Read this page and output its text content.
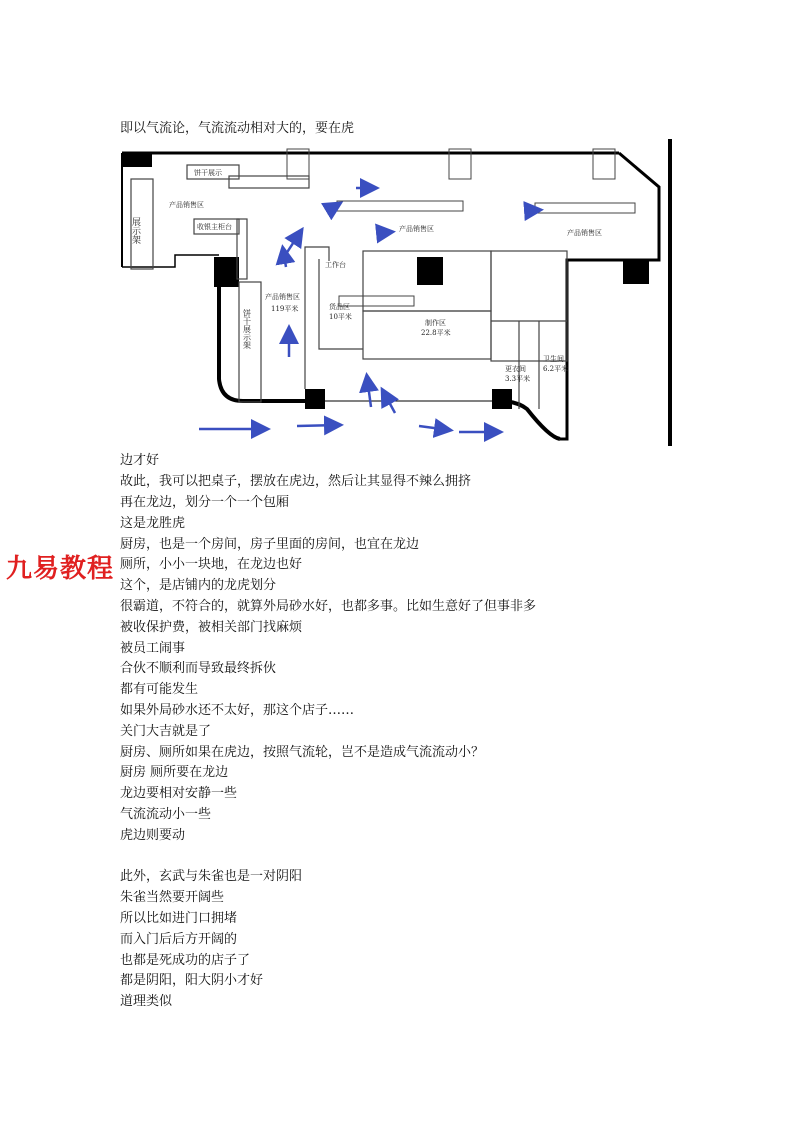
即以气流论，气流流动相对大的，要在虎
饼干展示
展示架
产品销售区
收银主柜台	产品销售区	产品销售区
产品销售区
119平米
饼干展示架
工作台
货品区
10平米
制作区
22.8平米
更衣间
3.3平米
卫生间
6.2平米
边才好
故此，我可以把桌子，摆放在虎边，然后让其显得不辣么拥挤
再在龙边，划分一个一个包厢
这是龙胜虎
厨房，也是一个房间，房子里面的房间，也宜在龙边
厕所，小小一块地，在龙边也好
这个，是店铺内的龙虎划分
很霸道，不符合的，就算外局砂水好，也都多事。比如生意好了但事非多
被收保护费，被相关部门找麻烦
被员工闹事
合伙不顺利而导致最终拆伙
都有可能发生
如果外局砂水还不太好，那这个店子……
关门大吉就是了
厨房、厕所如果在虎边，按照气流轮，岂不是造成气流流动小？
厨房 厕所要在龙边
龙边要相对安静一些
气流流动小一些
虎边则要动
此外，玄武与朱雀也是一对阴阳
朱雀当然要开阔些
所以比如进门口拥堵
而入门后后方开阔的
也都是死成功的店子了
都是阴阳，阳大阴小才好
道理类似
九易教程
